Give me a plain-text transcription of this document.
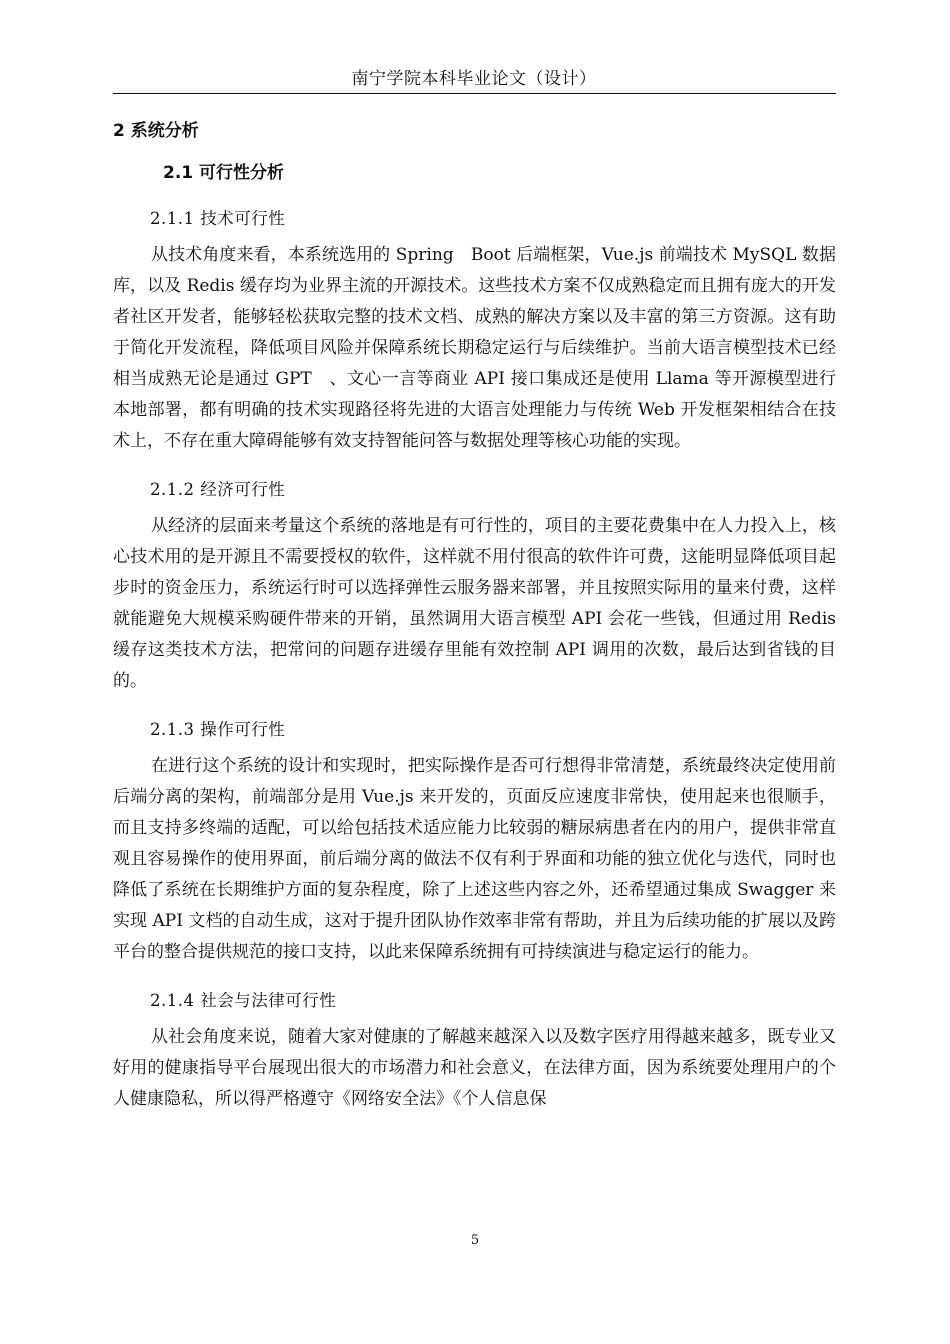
南宁学院本科毕业论文（设计）
2 系统分析
2.1 可行性分析
2.1.1 技术可行性

从技术角度来看，本系统选用的 Spring　Boot 后端框架，Vue.js 前端技术 MySQL 数据库，以及 Redis 缓存均为业界主流的开源技术。这些技术方案不仅成熟稳定而且拥有庞大的开发者社区开发者，能够轻松获取完整的技术文档、成熟的解决方案以及丰富的第三方资源。这有助于简化开发流程，降低项目风险并保障系统长期稳定运行与后续维护。当前大语言模型技术已经相当成熟无论是通过 GPT　、文心一言等商业 API 接口集成还是使用 Llama 等开源模型进行本地部署，都有明确的技术实现路径将先进的大语言处理能力与传统 Web 开发框架相结合在技术上，不存在重大障碍能够有效支持智能问答与数据处理等核心功能的实现。

2.1.2 经济可行性

从经济的层面来考量这个系统的落地是有可行性的，项目的主要花费集中在人力投入上，核心技术用的是开源且不需要授权的软件，这样就不用付很高的软件许可费，这能明显降低项目起步时的资金压力，系统运行时可以选择弹性云服务器来部署，并且按照实际用的量来付费，这样就能避免大规模采购硬件带来的开销，虽然调用大语言模型 API 会花一些钱，但通过用 Redis 缓存这类技术方法，把常问的问题存进缓存里能有效控制 API 调用的次数，最后达到省钱的目的。

2.1.3 操作可行性

在进行这个系统的设计和实现时，把实际操作是否可行想得非常清楚，系统最终决定使用前后端分离的架构，前端部分是用 Vue.js 来开发的，页面反应速度非常快，使用起来也很顺手，而且支持多终端的适配，可以给包括技术适应能力比较弱的糖尿病患者在内的用户，提供非常直观且容易操作的使用界面，前后端分离的做法不仅有利于界面和功能的独立优化与迭代，同时也降低了系统在长期维护方面的复杂程度，除了上述这些内容之外，还希望通过集成 Swagger 来实现 API 文档的自动生成，这对于提升团队协作效率非常有帮助，并且为后续功能的扩展以及跨平台的整合提供规范的接口支持，以此来保障系统拥有可持续演进与稳定运行的能力。

2.1.4 社会与法律可行性

从社会角度来说，随着大家对健康的了解越来越深入以及数字医疗用得越来越多，既专业又好用的健康指导平台展现出很大的市场潜力和社会意义，在法律方面，因为系统要处理用户的个人健康隐私，所以得严格遵守《网络安全法》《个人信息保

5
